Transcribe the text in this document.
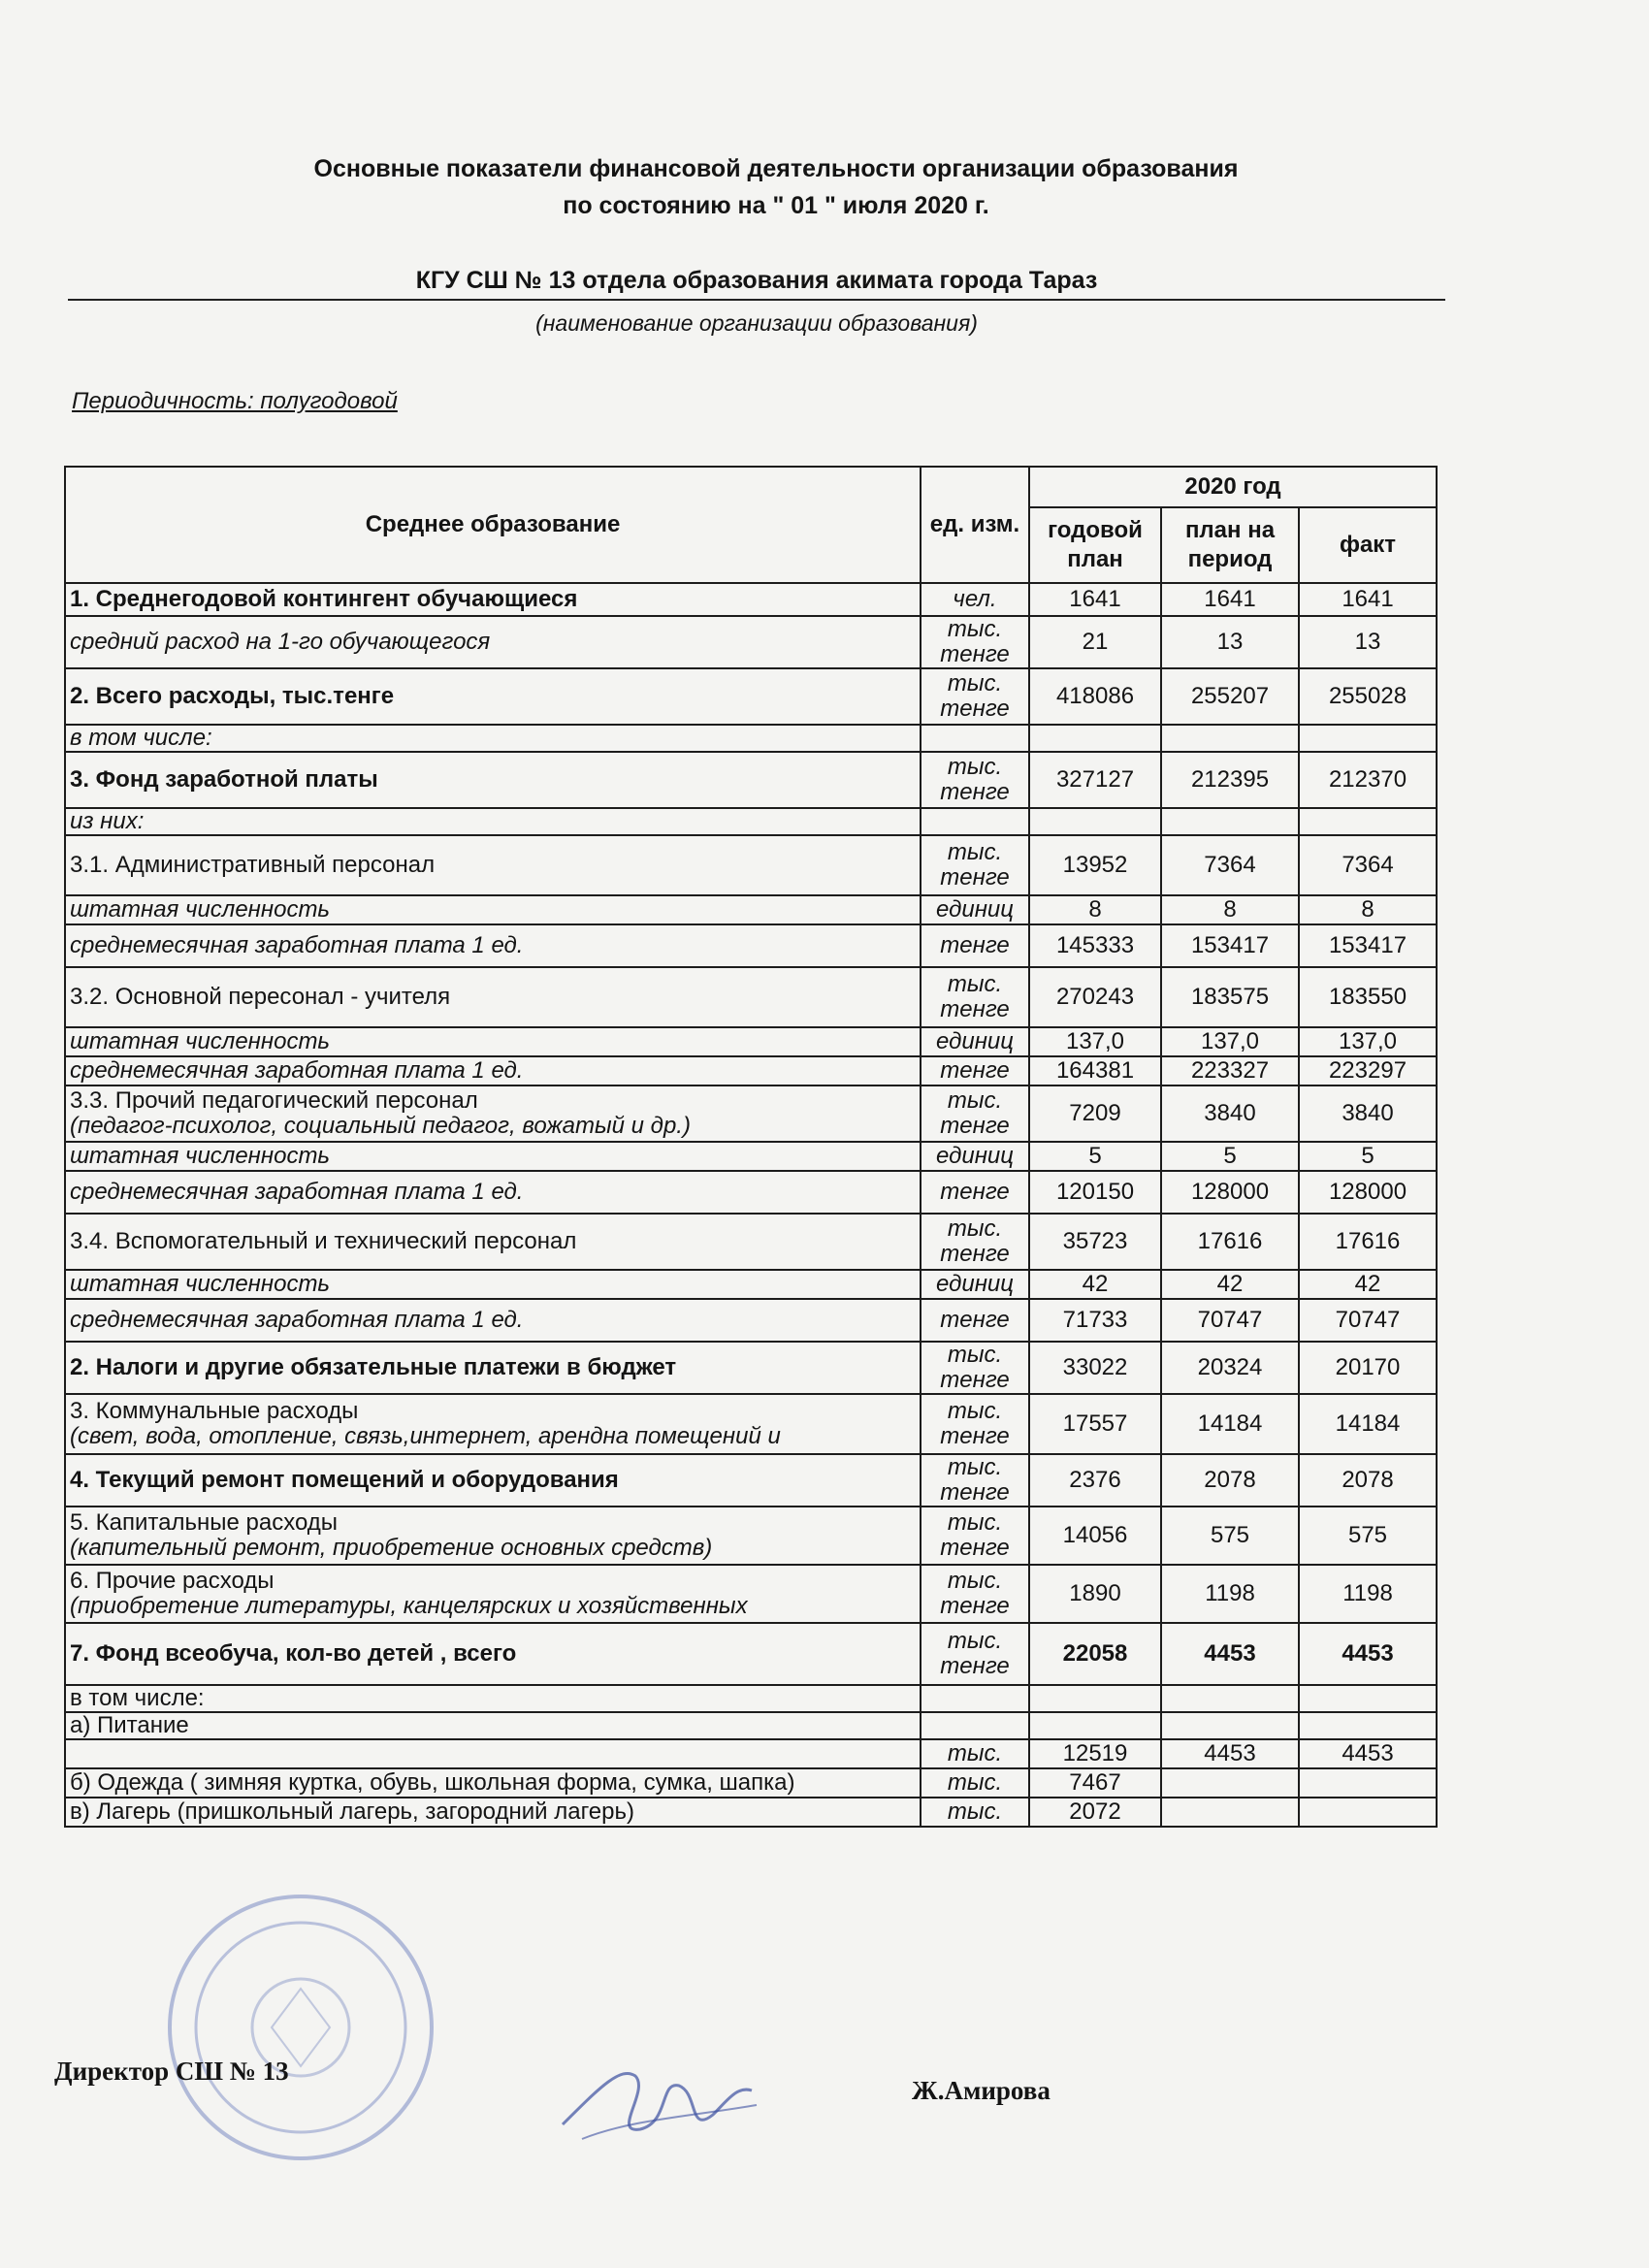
Основные показатели финансовой деятельности организации образования
по состоянию на " 01 " июля 2020 г.
КГУ СШ № 13 отдела образования акимата города Тараз
(наименование организации образования)
Периодичность: полугодовой
Среднее образование	ед. изм.	2020 год		
		годовой план	план на период	факт
1. Среднегодовой контингент обучающиеся	чел.	1641	1641	1641
средний расход на 1-го обучающегося	тыс. тенге	21	13	13
2. Всего расходы, тыс.тенге	тыс. тенге	418086	255207	255028
в том числе:				
3. Фонд заработной платы	тыс. тенге	327127	212395	212370
из них:				
3.1. Административный персонал	тыс. тенге	13952	7364	7364
штатная численность	единиц	8	8	8
среднемесячная заработная плата 1 ед.	тенге	145333	153417	153417
3.2. Основной пересонал - учителя	тыс. тенге	270243	183575	183550
штатная численность	единиц	137,0	137,0	137,0
среднемесячная заработная плата 1 ед.	тенге	164381	223327	223297
3.3. Прочий педагогический персонал
(педагог-психолог, социальный педагог, вожатый и др.)	тыс. тенге	7209	3840	3840
штатная численность	единиц	5	5	5
среднемесячная заработная плата 1 ед.	тенге	120150	128000	128000
3.4. Вспомогательный и технический персонал	тыс. тенге	35723	17616	17616
штатная численность	единиц	42	42	42
среднемесячная заработная плата 1 ед.	тенге	71733	70747	70747
2. Налоги и другие обязательные платежи в бюджет	тыс. тенге	33022	20324	20170
3. Коммунальные расходы
(свет, вода, отопление, связь,интернет, арендна помещений и	тыс. тенге	17557	14184	14184
4. Текущий ремонт помещений и оборудования	тыс. тенге	2376	2078	2078
5. Капитальные расходы
(капительный ремонт, приобретение основных средств)	тыс. тенге	14056	575	575
6. Прочие расходы
(приобретение литературы, канцелярских и хозяйственных	тыс. тенге	1890	1198	1198
7. Фонд всеобуча, кол-во детей , всего	тыс. тенге	22058	4453	4453
в том числе:				
а) Питание				
	тыс.	12519	4453	4453
б) Одежда ( зимняя куртка, обувь, школьная форма, сумка, шапка)	тыс.	7467		
в) Лагерь (пришкольный лагерь, загородний лагерь)	тыс.	2072		
Директор СШ № 13
Ж.Амирова
